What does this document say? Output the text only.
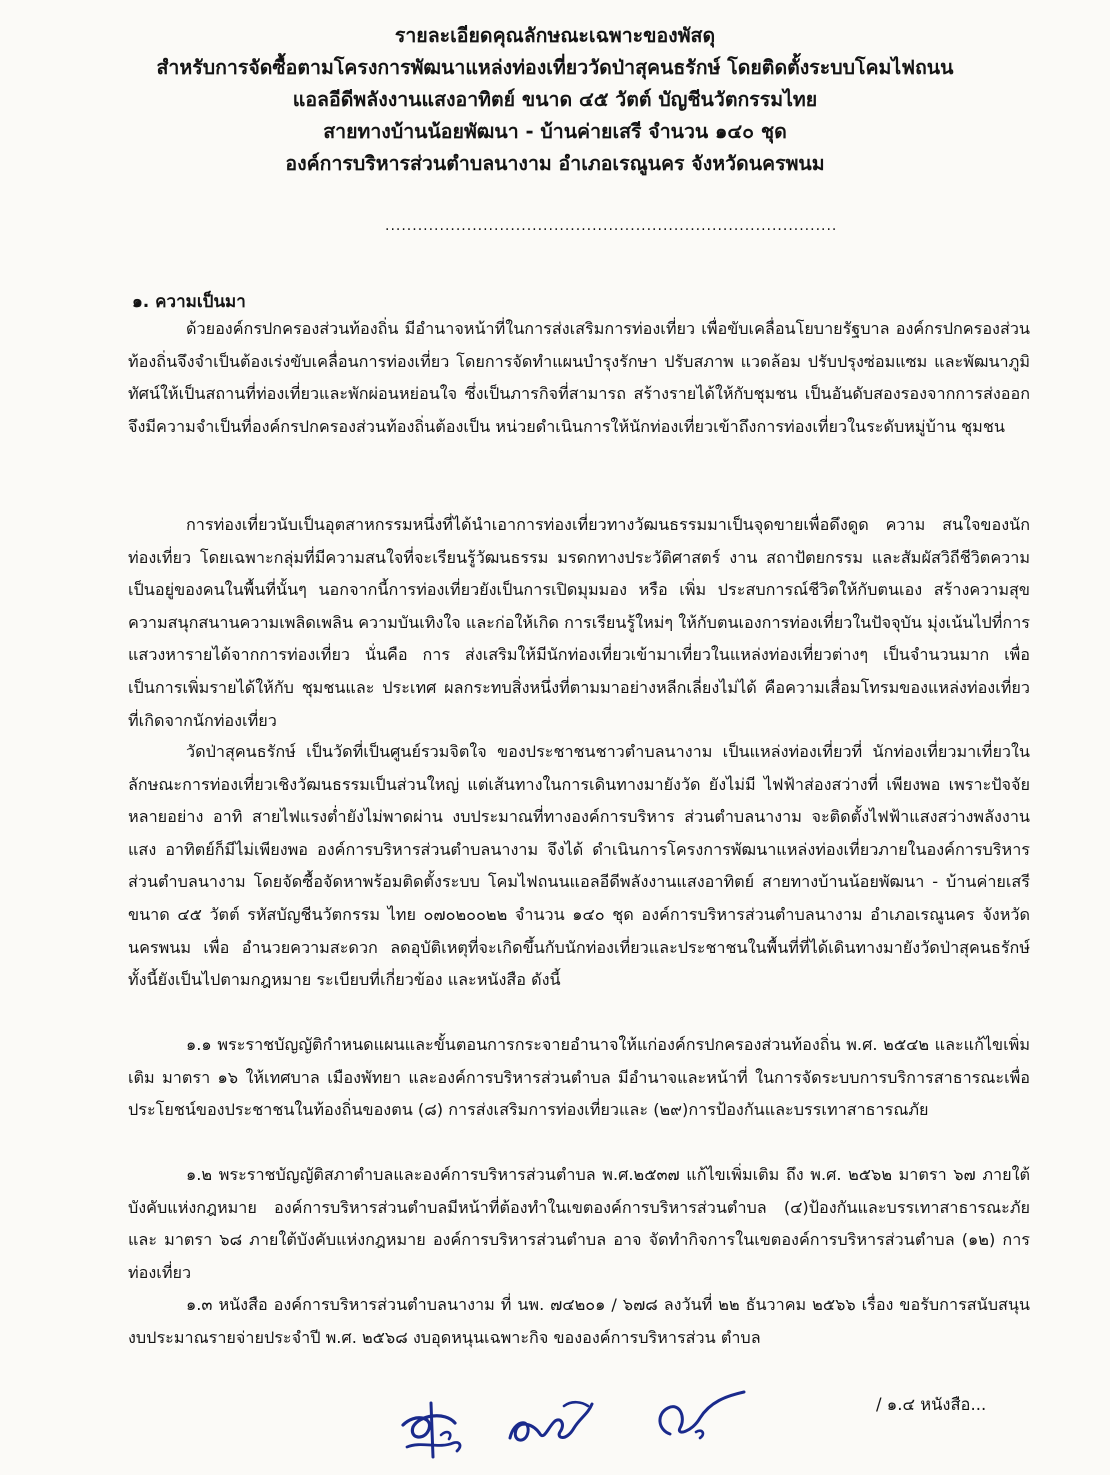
รายละเอียดคุณลักษณะเฉพาะของพัสดุ
สำหรับการจัดซื้อตามโครงการพัฒนาแหล่งท่องเที่ยววัดป่าสุคนธรักษ์ โดยติดตั้งระบบโคมไฟถนน
แอลอีดีพลังงานแสงอาทิตย์ ขนาด ๔๕ วัตต์ บัญชีนวัตกรรมไทย
สายทางบ้านน้อยพัฒนา - บ้านค่ายเสรี จำนวน ๑๔๐ ชุด
องค์การบริหารส่วนตำบลนางาม อำเภอเรณูนคร จังหวัดนครพนม
...................................................................................
๑. ความเป็นมา
ด้วยองค์กรปกครองส่วนท้องถิ่น มีอำนาจหน้าที่ในการส่งเสริมการท่องเที่ยว เพื่อขับเคลื่อนโยบายรัฐบาล องค์กรปกครองส่วนท้องถิ่นจึงจำเป็นต้องเร่งขับเคลื่อนการท่องเที่ยว โดยการจัดทำแผนบำรุงรักษา ปรับสภาพ แวดล้อม ปรับปรุงซ่อมแซม และพัฒนาภูมิทัศน์ให้เป็นสถานที่ท่องเที่ยวและพักผ่อนหย่อนใจ ซึ่งเป็นภารกิจที่สามารถ สร้างรายได้ให้กับชุมชน เป็นอันดับสองรองจากการส่งออก จึงมีความจำเป็นที่องค์กรปกครองส่วนท้องถิ่นต้องเป็น หน่วยดำเนินการให้นักท่องเที่ยวเข้าถึงการท่องเที่ยวในระดับหมู่บ้าน ชุมชน
การท่องเที่ยวนับเป็นอุตสาหกรรมหนึ่งที่ได้นำเอาการท่องเที่ยวทางวัฒนธรรมมาเป็นจุดขายเพื่อดึงดูด ความ สนใจของนักท่องเที่ยว โดยเฉพาะกลุ่มที่มีความสนใจที่จะเรียนรู้วัฒนธรรม มรดกทางประวัติศาสตร์ งาน สถาปัตยกรรม และสัมผัสวิถีชีวิตความเป็นอยู่ของคนในพื้นที่นั้นๆ นอกจากนี้การท่องเที่ยวยังเป็นการเปิดมุมมอง หรือ เพิ่ม ประสบการณ์ชีวิตให้กับตนเอง สร้างความสุขความสนุกสนานความเพลิดเพลิน ความบันเทิงใจ และก่อให้เกิด การเรียนรู้ใหม่ๆ ให้กับตนเองการท่องเที่ยวในปัจจุบัน มุ่งเน้นไปที่การแสวงหารายได้จากการท่องเที่ยว นั่นคือ การ ส่งเสริมให้มีนักท่องเที่ยวเข้ามาเที่ยวในแหล่งท่องเที่ยวต่างๆ เป็นจำนวนมาก เพื่อเป็นการเพิ่มรายได้ให้กับ ชุมชนและ ประเทศ ผลกระทบสิ่งหนึ่งที่ตามมาอย่างหลีกเลี่ยงไม่ได้ คือความเสื่อมโทรมของแหล่งท่องเที่ยวที่เกิดจากนักท่องเที่ยว
วัดป่าสุคนธรักษ์ เป็นวัดที่เป็นศูนย์รวมจิตใจ ของประชาชนชาวตำบลนางาม เป็นแหล่งท่องเที่ยวที่ นักท่องเที่ยวมาเที่ยวในลักษณะการท่องเที่ยวเชิงวัฒนธรรมเป็นส่วนใหญ่ แต่เส้นทางในการเดินทางมายังวัด ยังไม่มี ไฟฟ้าส่องสว่างที่ เพียงพอ เพราะปัจจัยหลายอย่าง อาทิ สายไฟแรงต่ำยังไม่พาดผ่าน งบประมาณที่ทางองค์การบริหาร ส่วนตำบลนางาม จะติดตั้งไฟฟ้าแสงสว่างพลังงานแสง อาทิตย์ก็มีไม่เพียงพอ องค์การบริหารส่วนตำบลนางาม จึงได้ ดำเนินการโครงการพัฒนาแหล่งท่องเที่ยวภายในองค์การบริหารส่วนตำบลนางาม โดยจัดซื้อจัดหาพร้อมติดตั้งระบบ โคมไฟถนนแอลอีดีพลังงานแสงอาทิตย์ สายทางบ้านน้อยพัฒนา - บ้านค่ายเสรี ขนาด ๔๕ วัตต์ รหัสบัญชีนวัตกรรม ไทย ๐๗๐๒๐๐๒๒ จำนวน ๑๔๐ ชุด องค์การบริหารส่วนตำบลนางาม อำเภอเรณูนคร จังหวัดนครพนม เพื่อ อำนวยความสะดวก ลดอุบัติเหตุที่จะเกิดขึ้นกับนักท่องเที่ยวและประชาชนในพื้นที่ที่ได้เดินทางมายังวัดป่าสุคนธรักษ์ ทั้งนี้ยังเป็นไปตามกฎหมาย ระเบียบที่เกี่ยวข้อง และหนังสือ ดังนี้
๑.๑ พระราชบัญญัติกำหนดแผนและขั้นตอนการกระจายอำนาจให้แก่องค์กรปกครองส่วนท้องถิ่น พ.ศ. ๒๕๔๒ และแก้ไขเพิ่มเติม มาตรา ๑๖ ให้เทศบาล เมืองพัทยา และองค์การบริหารส่วนตำบล มีอำนาจและหน้าที่ ในการจัดระบบการบริการสาธารณะเพื่อประโยชน์ของประชาชนในท้องถิ่นของตน (๘) การส่งเสริมการท่องเที่ยวและ (๒๙)การป้องกันและบรรเทาสาธารณภัย
๑.๒ พระราชบัญญัติสภาตำบลและองค์การบริหารส่วนตำบล พ.ศ.๒๕๓๗ แก้ไขเพิ่มเติม ถึง พ.ศ. ๒๕๖๒ มาตรา ๖๗ ภายใต้บังคับแห่งกฎหมาย องค์การบริหารส่วนตำบลมีหน้าที่ต้องทำในเขตองค์การบริหารส่วนตำบล (๔)ป้องกันและบรรเทาสาธารณะภัย และ มาตรา ๖๘ ภายใต้บังคับแห่งกฎหมาย องค์การบริหารส่วนตำบล อาจ จัดทำกิจการในเขตองค์การบริหารส่วนตำบล (๑๒) การท่องเที่ยว
๑.๓ หนังสือ องค์การบริหารส่วนตำบลนางาม ที่ นพ. ๗๔๒๐๑ / ๖๗๘ ลงวันที่ ๒๒ ธันวาคม ๒๕๖๖ เรื่อง ขอรับการสนับสนุนงบประมาณรายจ่ายประจำปี พ.ศ. ๒๕๖๘ งบอุดหนุนเฉพาะกิจ ขององค์การบริหารส่วน ตำบล
/ ๑.๔ หนังสือ...
